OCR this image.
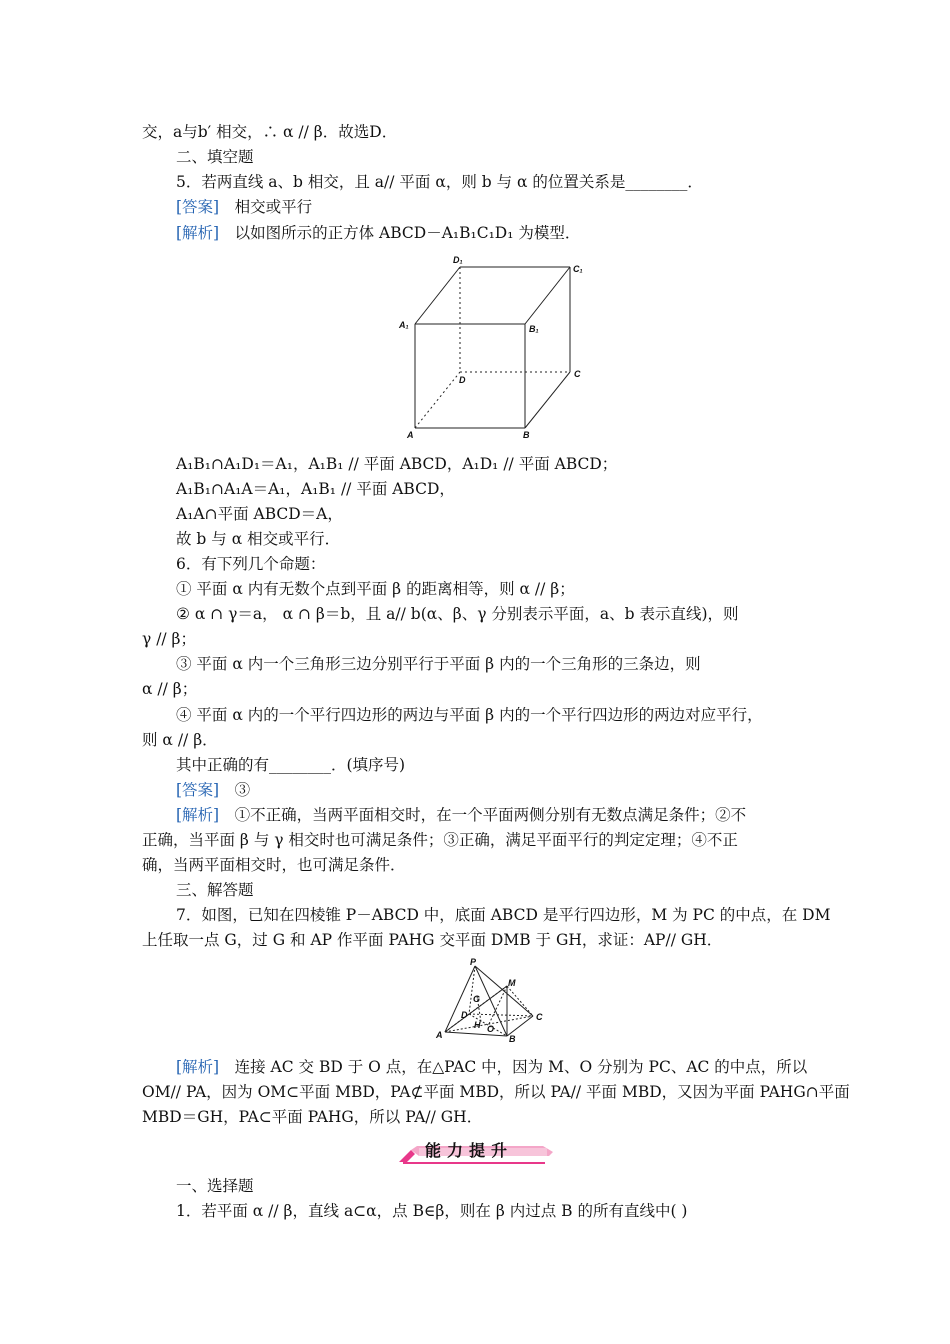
交，a与b′ 相交，∴ α // β．故选D．
二、填空题
5．若两直线 a、b 相交，且 a// 平面 α，则 b 与 α 的位置关系是________．
[答案]　 相交或平行
[解析]　 以如图所示的正方体 ABCD－A₁B₁C₁D₁ 为模型．
D₁
C₁
A₁	B₁
D
C
A	B
A₁B₁∩A₁D₁＝A₁，A₁B₁ // 平面 ABCD，A₁D₁ // 平面 ABCD；
A₁B₁∩A₁A＝A₁，A₁B₁ // 平面 ABCD，
A₁A∩平面 ABCD＝A，
故 b 与 α 相交或平行．
6．有下列几个命题：
① 平面 α 内有无数个点到平面 β 的距离相等，则 α // β；
② α ∩ γ＝a， α ∩ β＝b，且 a// b(α、β、γ 分别表示平面，a、b 表示直线)，则
γ // β；
③ 平面 α 内一个三角形三边分别平行于平面 β 内的一个三角形的三条边，则
α // β；
④ 平面 α 内的一个平行四边形的两边与平面 β 内的一个平行四边形的两边对应平行，
则 α // β．
其中正确的有________．(填序号)
[答案]　 ③
[解析]　 ①不正确，当两平面相交时，在一个平面两侧分别有无数点满足条件；②不
正确，当平面 β 与 γ 相交时也可满足条件；③正确，满足平面平行的判定定理；④不正
确，当两平面相交时，也可满足条件．
三、解答题
7．如图，已知在四棱锥 P－ABCD 中，底面 ABCD 是平行四边形，M 为 PC 的中点，在 DM
上任取一点 G，过 G 和 AP 作平面 PAHG 交平面 DMB 于 GH，求证：AP// GH．
P
M
G
D
H O
C
A	B
[解析]　 连接 AC 交 BD 于 O 点，在△PAC 中，因为 M、O 分别为 PC、AC 的中点，所以
OM// PA，因为 OM⊂平面 MBD，PA⊄平面 MBD，所以 PA// 平面 MBD，又因为平面 PAHG∩平面
MBD＝GH，PA⊂平面 PAHG，所以 PA// GH．
能力提升
一、选择题
1．若平面 α // β，直线 a⊂α，点 B∈β，则在 β 内过点 B 的所有直线中( )
